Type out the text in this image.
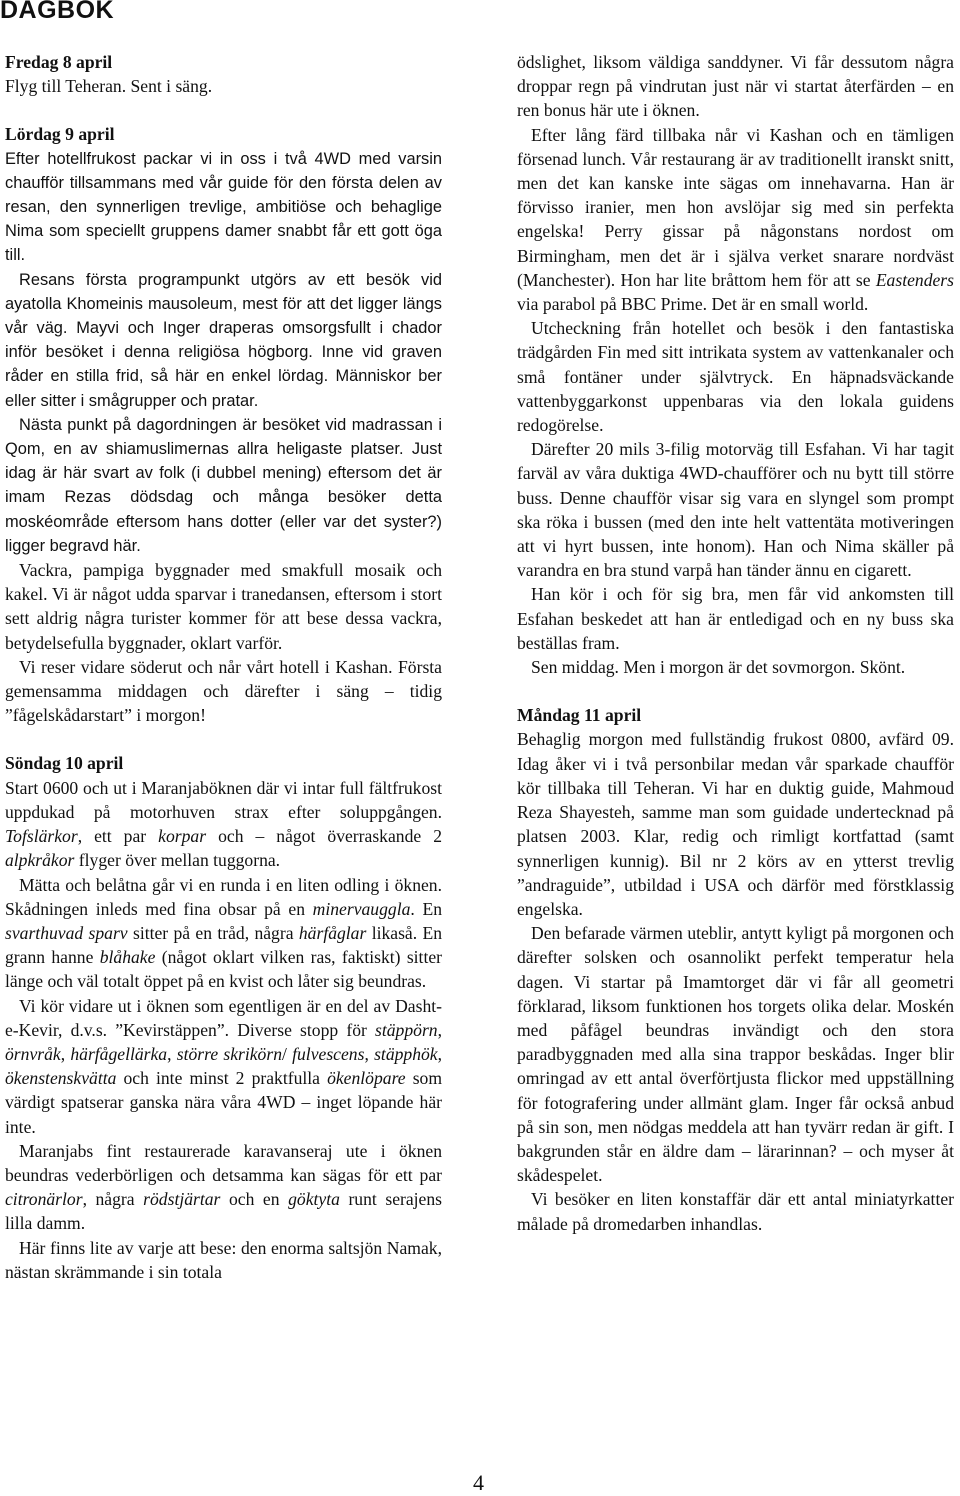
DAGBOK

Fredag 8 april

Flyg till Teheran. Sent i säng.

Lördag 9 april

Efter hotellfrukost packar vi in oss i två 4WD med varsin chaufför tillsammans med vår guide för den första delen av resan, den synnerligen trevlige, ambitiöse och behaglige Nima som speciellt gruppens damer snabbt får ett gott öga till.

Resans första programpunkt utgörs av ett besök vid ayatolla Khomeinis mausoleum, mest för att det ligger längs vår väg. Mayvi och Inger draperas omsorgsfullt i chador inför besöket i denna religiösa högborg. Inne vid graven råder en stilla frid, så här en enkel lördag. Människor ber eller sitter i smågrupper och pratar.

Nästa punkt på dagordningen är besöket vid madrassan i Qom, en av shiamuslimernas allra heligaste platser. Just idag är här svart av folk (i dubbel mening) eftersom det är imam Rezas dödsdag och många besöker detta moskéområde eftersom hans dotter (eller var det syster?) ligger begravd här.

Vackra, pampiga byggnader med smakfull mosaik och kakel. Vi är något udda sparvar i tranedansen, eftersom i stort sett aldrig några turister kommer för att bese dessa vackra, betydelsefulla byggnader, oklart varför.

Vi reser vidare söderut och når vårt hotell i Kashan. Första gemensamma middagen och därefter i säng – tidig ”fågelskådarstart” i morgon!

Söndag 10 april

Start 0600 och ut i Maranjaböknen där vi intar full fältfrukost uppdukad på motorhuven strax efter soluppgången. Tofslärkor, ett par korpar och – något överraskande 2 alpkråkor flyger över mellan tuggorna.

Mätta och belåtna går vi en runda i en liten odling i öknen. Skådningen inleds med fina obsar på en minervauggla. En svarthuvad sparv sitter på en tråd, några härfåglar likaså. En grann hanne blåhake (något oklart vilken ras, faktiskt) sitter länge och väl totalt öppet på en kvist och låter sig beundras.

Vi kör vidare ut i öknen som egentligen är en del av Dasht-e-Kevir, d.v.s. ”Kevirstäppen”. Diverse stopp för stäppörn, örnvråk, härfågellärka, större skrikörn/ fulvescens, stäpphök, ökenstenskvätta och inte minst 2 praktfulla ökenlöpare som värdigt spatserar ganska nära våra 4WD – inget löpande här inte.

Maranjabs fint restaurerade karavanseraj ute i öknen beundras vederbörligen och detsamma kan sägas för ett par citronärlor, några rödstjärtar och en göktyta runt serajens lilla damm.

Här finns lite av varje att bese: den enorma saltsjön Namak, nästan skrämmande i sin totala

ödslighet, liksom väldiga sanddyner. Vi får dessutom några droppar regn på vindrutan just när vi startat återfärden – en ren bonus här ute i öknen.

Efter lång färd tillbaka når vi Kashan och en tämligen försenad lunch. Vår restaurang är av traditionellt iranskt snitt, men det kan kanske inte sägas om innehavarna. Han är förvisso iranier, men hon avslöjar sig med sin perfekta engelska! Perry gissar på någonstans nordost om Birmingham, men det är i själva verket snarare nordväst (Manchester). Hon har lite bråttom hem för att se Eastenders via parabol på BBC Prime. Det är en small world.

Utcheckning från hotellet och besök i den fantastiska trädgården Fin med sitt intrikata system av vattenkanaler och små fontäner under självtryck. En häpnadsväckande vattenbyggarkonst uppenbaras via den lokala guidens redogörelse.

Därefter 20 mils 3-filig motorväg till Esfahan. Vi har tagit farväl av våra duktiga 4WD-chaufförer och nu bytt till större buss. Denne chaufför visar sig vara en slyngel som prompt ska röka i bussen (med den inte helt vattentäta motiveringen att vi hyrt bussen, inte honom). Han och Nima skäller på varandra en bra stund varpå han tänder ännu en cigarett.

Han kör i och för sig bra, men får vid ankomsten till Esfahan beskedet att han är entledigad och en ny buss ska beställas fram.

Sen middag. Men i morgon är det sovmorgon. Skönt.

Måndag 11 april

Behaglig morgon med fullständig frukost 0800, avfärd 09. Idag åker vi i två personbilar medan vår sparkade chaufför kör tillbaka till Teheran. Vi har en duktig guide, Mahmoud Reza Shayesteh, samme man som guidade undertecknad på platsen 2003. Klar, redig och rimligt kortfattad (samt synnerligen kunnig). Bil nr 2 körs av en ytterst trevlig ”andraguide”, utbildad i USA och därför med förstklassig engelska.

Den befarade värmen uteblir, antytt kyligt på morgonen och därefter solsken och osannolikt perfekt temperatur hela dagen. Vi startar på Imamtorget där vi får all geometri förklarad, liksom funktionen hos torgets olika delar. Moskén med påfågel beundras invändigt och den stora paradbyggnaden med alla sina trappor beskådas. Inger blir omringad av ett antal överförtjusta flickor med uppställning för fotografering under allmänt glam. Inger får också anbud på sin son, men nödgas meddela att han tyvärr redan är gift. I bakgrunden står en äldre dam – lärarinnan? – och myser åt skådespelet.

Vi besöker en liten konstaffär där ett antal miniatyrkatter målade på dromedarben inhandlas.

4
